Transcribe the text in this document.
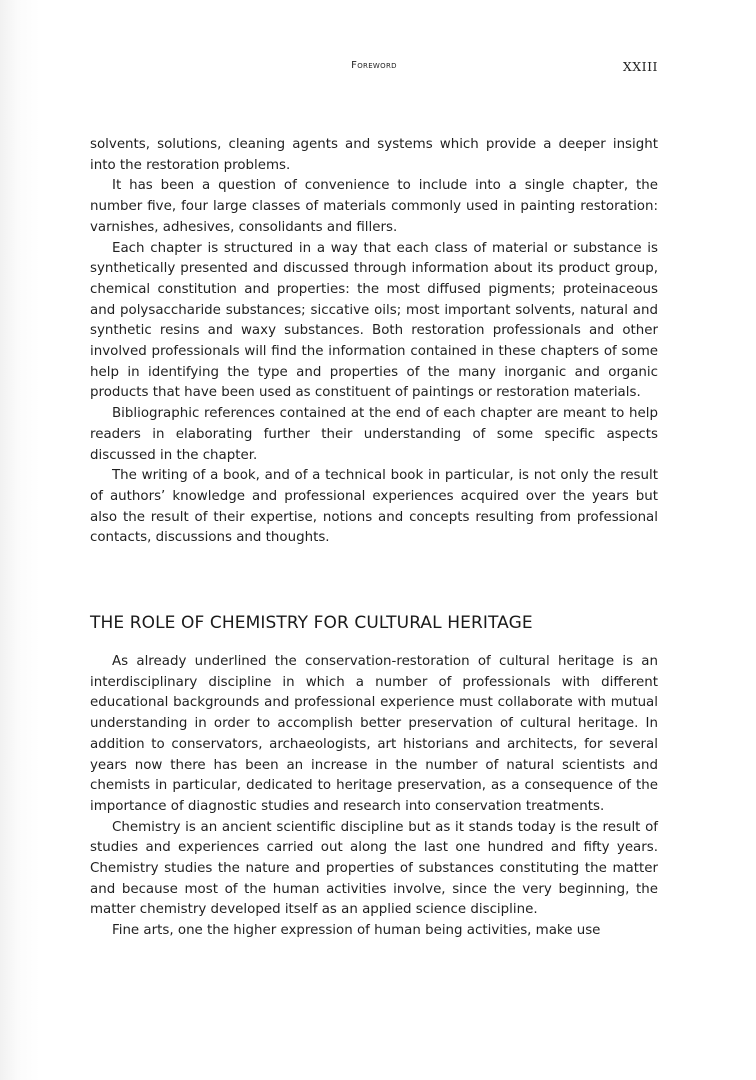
Foreword	XXIII

solvents, solutions, cleaning agents and systems which provide a deeper insight into the restoration problems.

It has been a question of convenience to include into a single chapter, the number five, four large classes of materials commonly used in painting restoration: varnishes, adhesives, consolidants and fillers.

Each chapter is structured in a way that each class of material or substance is synthetically presented and discussed through information about its product group, chemical constitution and properties: the most diffused pigments; proteinaceous and polysaccharide substances; siccative oils; most important solvents, natural and synthetic resins and waxy substances. Both restoration professionals and other involved professionals will find the information contained in these chapters of some help in identifying the type and properties of the many inorganic and organic products that have been used as constituent of paintings or restoration materials.

Bibliographic references contained at the end of each chapter are meant to help readers in elaborating further their understanding of some specific aspects discussed in the chapter.

The writing of a book, and of a technical book in particular, is not only the result of authors’ knowledge and professional experiences acquired over the years but also the result of their expertise, notions and concepts resulting from professional contacts, discussions and thoughts.

THE ROLE OF CHEMISTRY FOR CULTURAL HERITAGE

As already underlined the conservation-restoration of cultural heritage is an interdisciplinary discipline in which a number of professionals with different educational backgrounds and professional experience must collaborate with mutual understanding in order to accomplish better preservation of cultural heritage. In addition to conservators, archaeologists, art historians and architects, for several years now there has been an increase in the number of natural scientists and chemists in particular, dedicated to heritage preservation, as a consequence of the importance of diagnostic studies and research into conservation treatments.

Chemistry is an ancient scientific discipline but as it stands today is the result of studies and experiences carried out along the last one hundred and fifty years. Chemistry studies the nature and properties of substances constituting the matter and because most of the human activities involve, since the very beginning, the matter chemistry developed itself as an applied science discipline.

Fine arts, one the higher expression of human being activities, make use
